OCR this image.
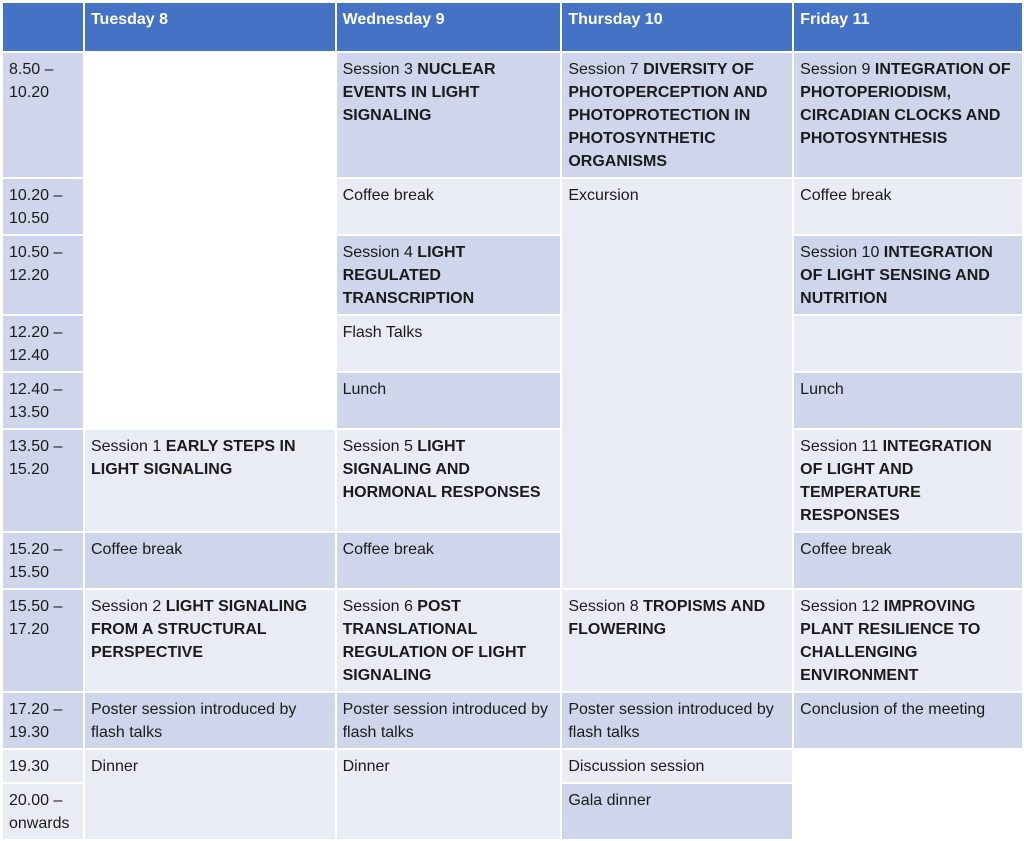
	Tuesday 8	Wednesday 9	Thursday 10	Friday 11
8.50 –
10.20		Session 3 NUCLEAR EVENTS IN LIGHT SIGNALING	Session 7 DIVERSITY OF PHOTOPERCEPTION AND PHOTOPROTECTION IN PHOTOSYNTHETIC ORGANISMS	Session 9 INTEGRATION OF PHOTOPERIODISM, CIRCADIAN CLOCKS AND PHOTOSYNTHESIS
10.20 –
10.50		Coffee break	Excursion	Coffee break
10.50 –
12.20		Session 4 LIGHT REGULATED TRANSCRIPTION		Session 10 INTEGRATION OF LIGHT SENSING AND NUTRITION
12.20 –
12.40		Flash Talks		
12.40 –
13.50		Lunch		Lunch
13.50 –
15.20	Session 1 EARLY STEPS IN LIGHT SIGNALING	Session 5 LIGHT SIGNALING AND HORMONAL RESPONSES		Session 11 INTEGRATION OF LIGHT AND TEMPERATURE RESPONSES
15.20 –
15.50	Coffee break	Coffee break		Coffee break
15.50 –
17.20	Session 2 LIGHT SIGNALING FROM A STRUCTURAL PERSPECTIVE	Session 6 POST TRANSLATIONAL REGULATION OF LIGHT SIGNALING	Session 8 TROPISMS AND FLOWERING	Session 12 IMPROVING PLANT RESILIENCE TO CHALLENGING ENVIRONMENT
17.20 –
19.30	Poster session introduced by flash talks	Poster session introduced by flash talks	Poster session introduced by flash talks	Conclusion of the meeting
19.30	Dinner	Dinner	Discussion session	
20.00 –
onwards			Gala dinner	
